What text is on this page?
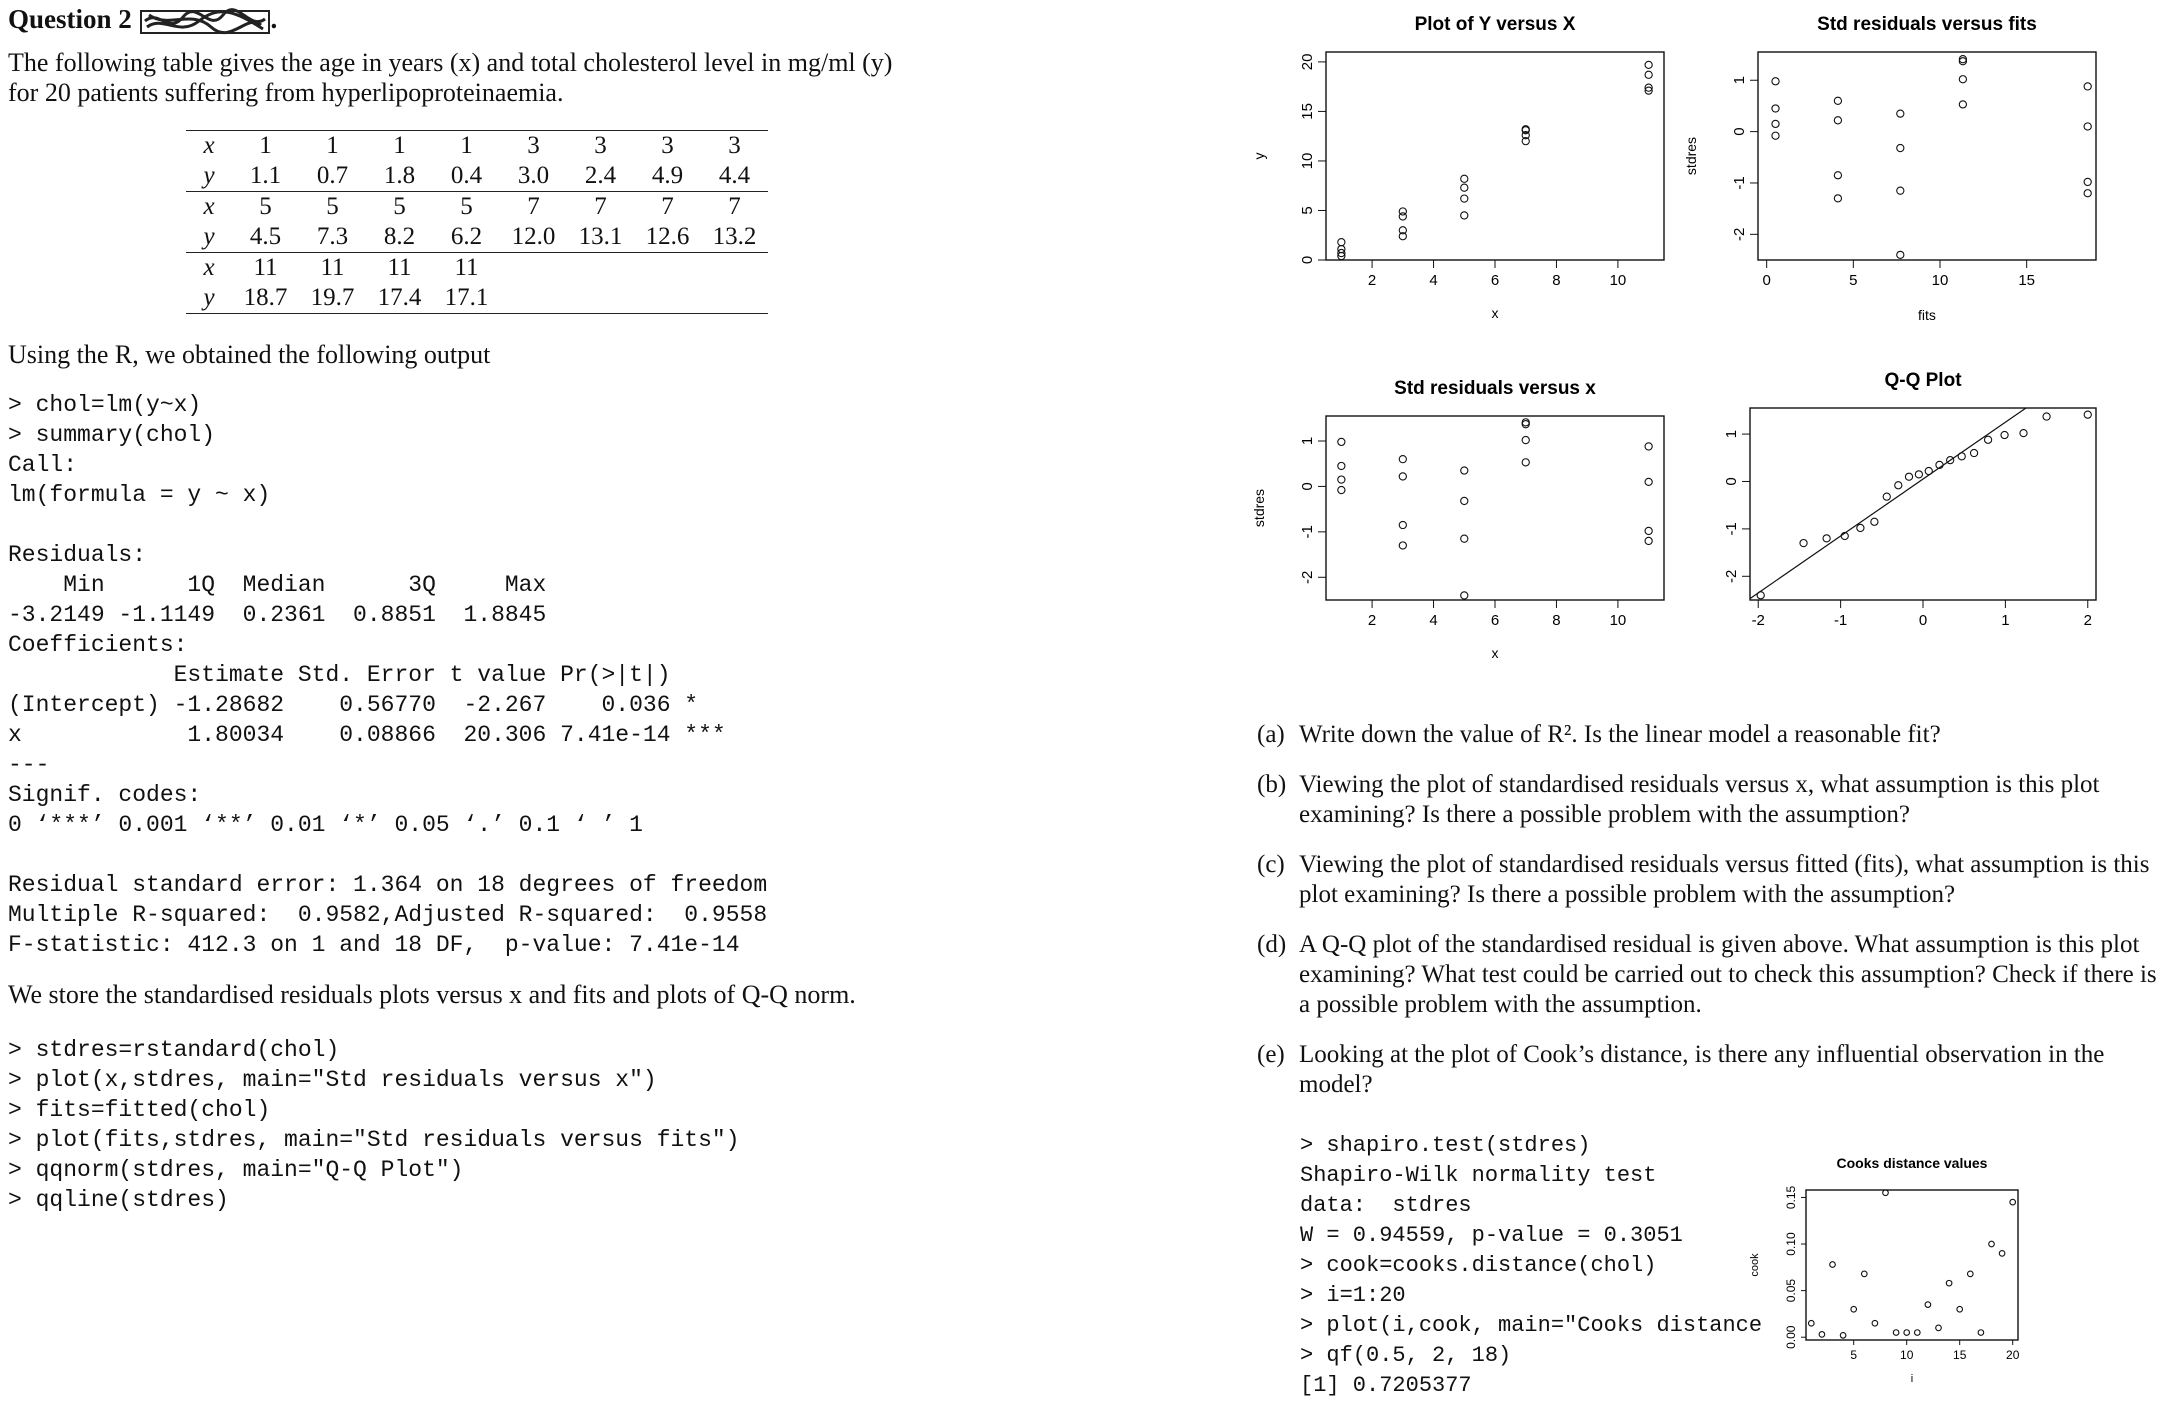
Question 2	.
The following table gives the age in years (x) and total cholesterol level in mg/ml (y)
for 20 patients suffering from hyperlipoproteinaemia.
x	1	1	1	1	3	3	3	3
y	1.1	0.7	1.8	0.4	3.0	2.4	4.9	4.4
x	5	5	5	5	7	7	7	7
y	4.5	7.3	8.2	6.2	12.0	13.1	12.6	13.2
x	11	11	11	11				
y	18.7	19.7	17.4	17.1				
Using the R, we obtained the following output
> chol=lm(y~x)
> summary(chol)
Call:
lm(formula = y ~ x)

Residuals:
Min      1Q  Median      3Q     Max
-3.2149 -1.1149  0.2361  0.8851  1.8845
Coefficients:
Estimate Std. Error t value Pr(>|t|)
(Intercept) -1.28682    0.56770  -2.267    0.036 *
x            1.80034    0.08866  20.306 7.41e-14 ***
---
Signif. codes:
0 ‘***’ 0.001 ‘**’ 0.01 ‘*’ 0.05 ‘.’ 0.1 ‘ ’ 1

Residual standard error: 1.364 on 18 degrees of freedom
Multiple R-squared:  0.9582,Adjusted R-squared:  0.9558
F-statistic: 412.3 on 1 and 18 DF,  p-value: 7.41e-14
We store the standardised residuals plots versus x and fits and plots of Q-Q norm.
> stdres=rstandard(chol)
> plot(x,stdres, main="Std residuals versus x")
> fits=fitted(chol)
> plot(fits,stdres, main="Std residuals versus fits")
> qqnorm(stdres, main="Q-Q Plot")
> qqline(stdres)
Plot of Y versus X
2	4	6	8	10
0
5
10
15
20
x
y
Std residuals versus fits
0	5	10	15
-2
-1
0
1
fits
stdres
Std residuals versus x
2	4	6	8	10
-2
-1
0
1
x
stdres
Q-Q Plot
-2	-1	0	1	2
-2
-1
0
1
(a) Write down the value of R². Is the linear model a reasonable fit?
(b) Viewing the plot of standardised residuals versus x, what assumption is this plot examining? Is there a possible problem with the assumption?
(c) Viewing the plot of standardised residuals versus fitted (fits), what assumption is this plot examining? Is there a possible problem with the assumption?
(d) A Q-Q plot of the standardised residual is given above. What assumption is this plot examining? What test could be carried out to check this assumption? Check if there is a possible problem with the assumption.
(e) Looking at the plot of Cook’s distance, is there any influential observation in the model?
> shapiro.test(stdres)
Shapiro-Wilk normality test
data:  stdres
W = 0.94559, p-value = 0.3051
> cook=cooks.distance(chol)
> i=1:20
> plot(i,cook, main="Cooks distance
> qf(0.5, 2, 18)
[1] 0.7205377
Cooks distance values
5	10	15	20
0.00
0.05
0.10
0.15
i
cook
